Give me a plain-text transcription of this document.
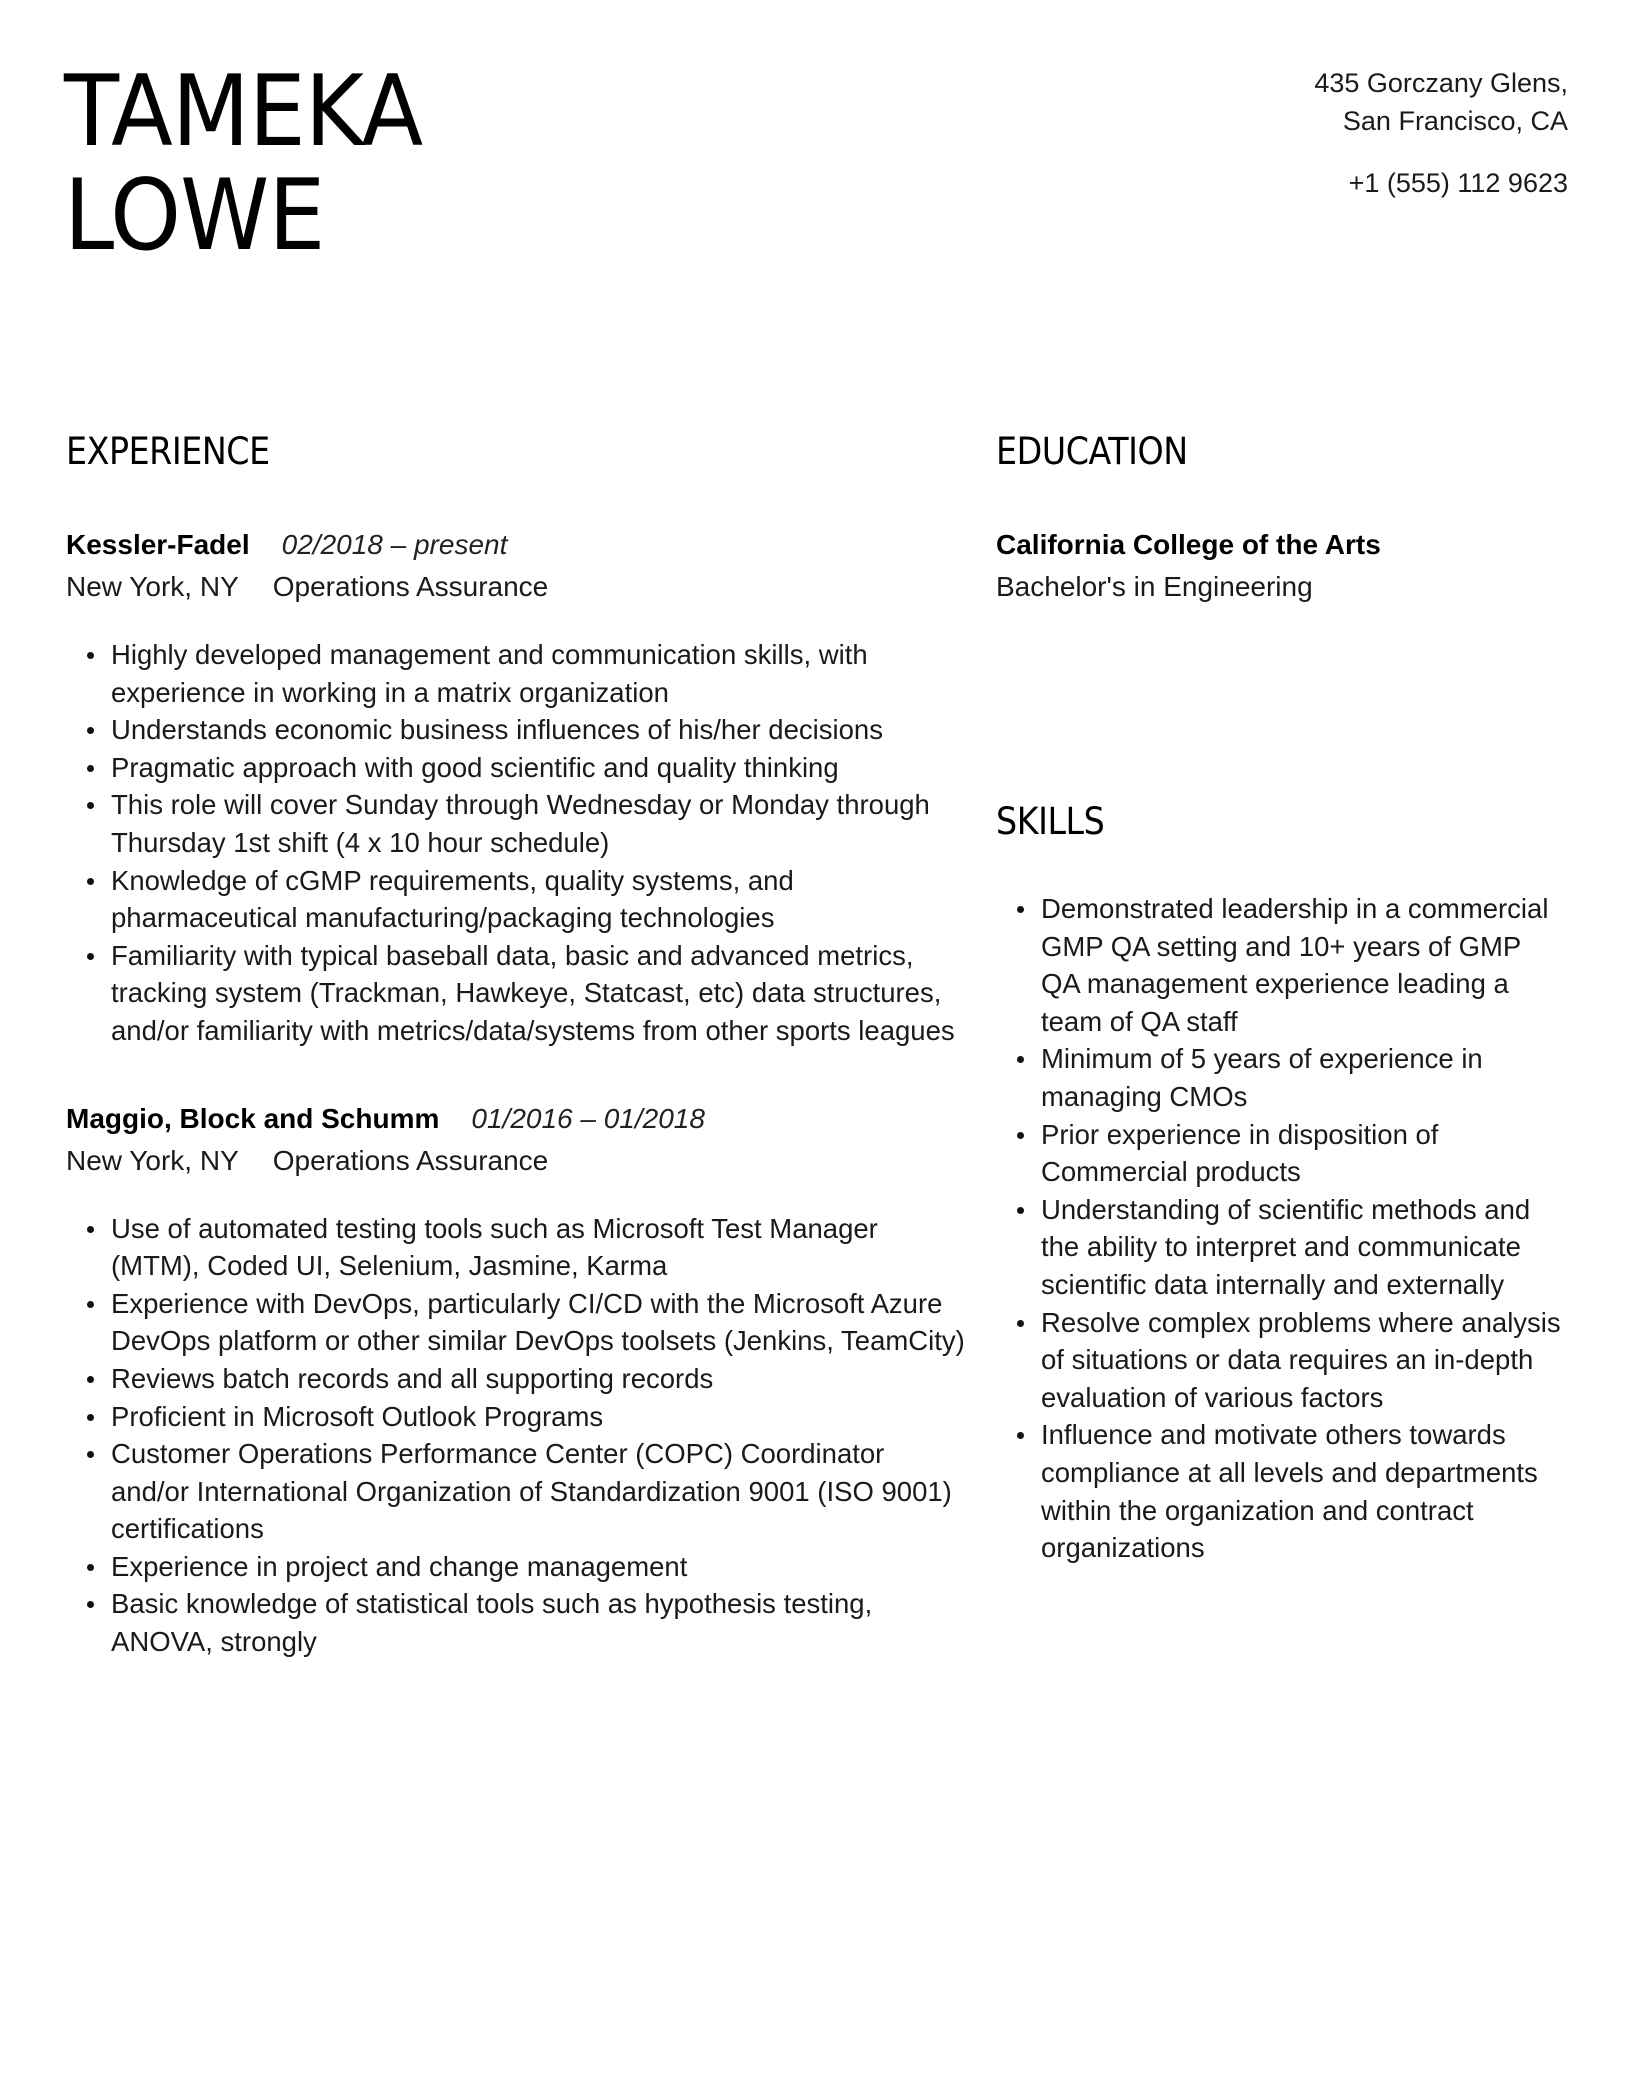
TAMEKA
LOWE
435 Gorczany Glens,
San Francisco, CA
+1 (555) 112 9623
EXPERIENCE
Kessler-Fadel 02/2018 – present
New York, NY Operations Assurance
Highly developed management and communication skills, with experience in working in a matrix organization
Understands economic business influences of his/her decisions
Pragmatic approach with good scientific and quality thinking
This role will cover Sunday through Wednesday or Monday through Thursday 1st shift (4 x 10 hour schedule)
Knowledge of cGMP requirements, quality systems, and pharmaceutical manufacturing/packaging technologies
Familiarity with typical baseball data, basic and advanced metrics, tracking system (Trackman, Hawkeye, Statcast, etc) data structures, and/or familiarity with metrics/data/systems from other sports leagues
Maggio, Block and Schumm 01/2016 – 01/2018
New York, NY Operations Assurance
Use of automated testing tools such as Microsoft Test Manager (MTM), Coded UI, Selenium, Jasmine, Karma
Experience with DevOps, particularly CI/CD with the Microsoft Azure DevOps platform or other similar DevOps toolsets (Jenkins, TeamCity)
Reviews batch records and all supporting records
Proficient in Microsoft Outlook Programs
Customer Operations Performance Center (COPC) Coordinator and/or International Organization of Standardization 9001 (ISO 9001) certifications
Experience in project and change management
Basic knowledge of statistical tools such as hypothesis testing, ANOVA, strongly
EDUCATION
California College of the Arts
Bachelor's in Engineering
SKILLS
Demonstrated leadership in a commercial GMP QA setting and 10+ years of GMP QA management experience leading a team of QA staff
Minimum of 5 years of experience in managing CMOs
Prior experience in disposition of Commercial products
Understanding of scientific methods and the ability to interpret and communicate scientific data internally and externally
Resolve complex problems where analysis of situations or data requires an in-depth evaluation of various factors
Influence and motivate others towards compliance at all levels and departments within the organization and contract organizations
